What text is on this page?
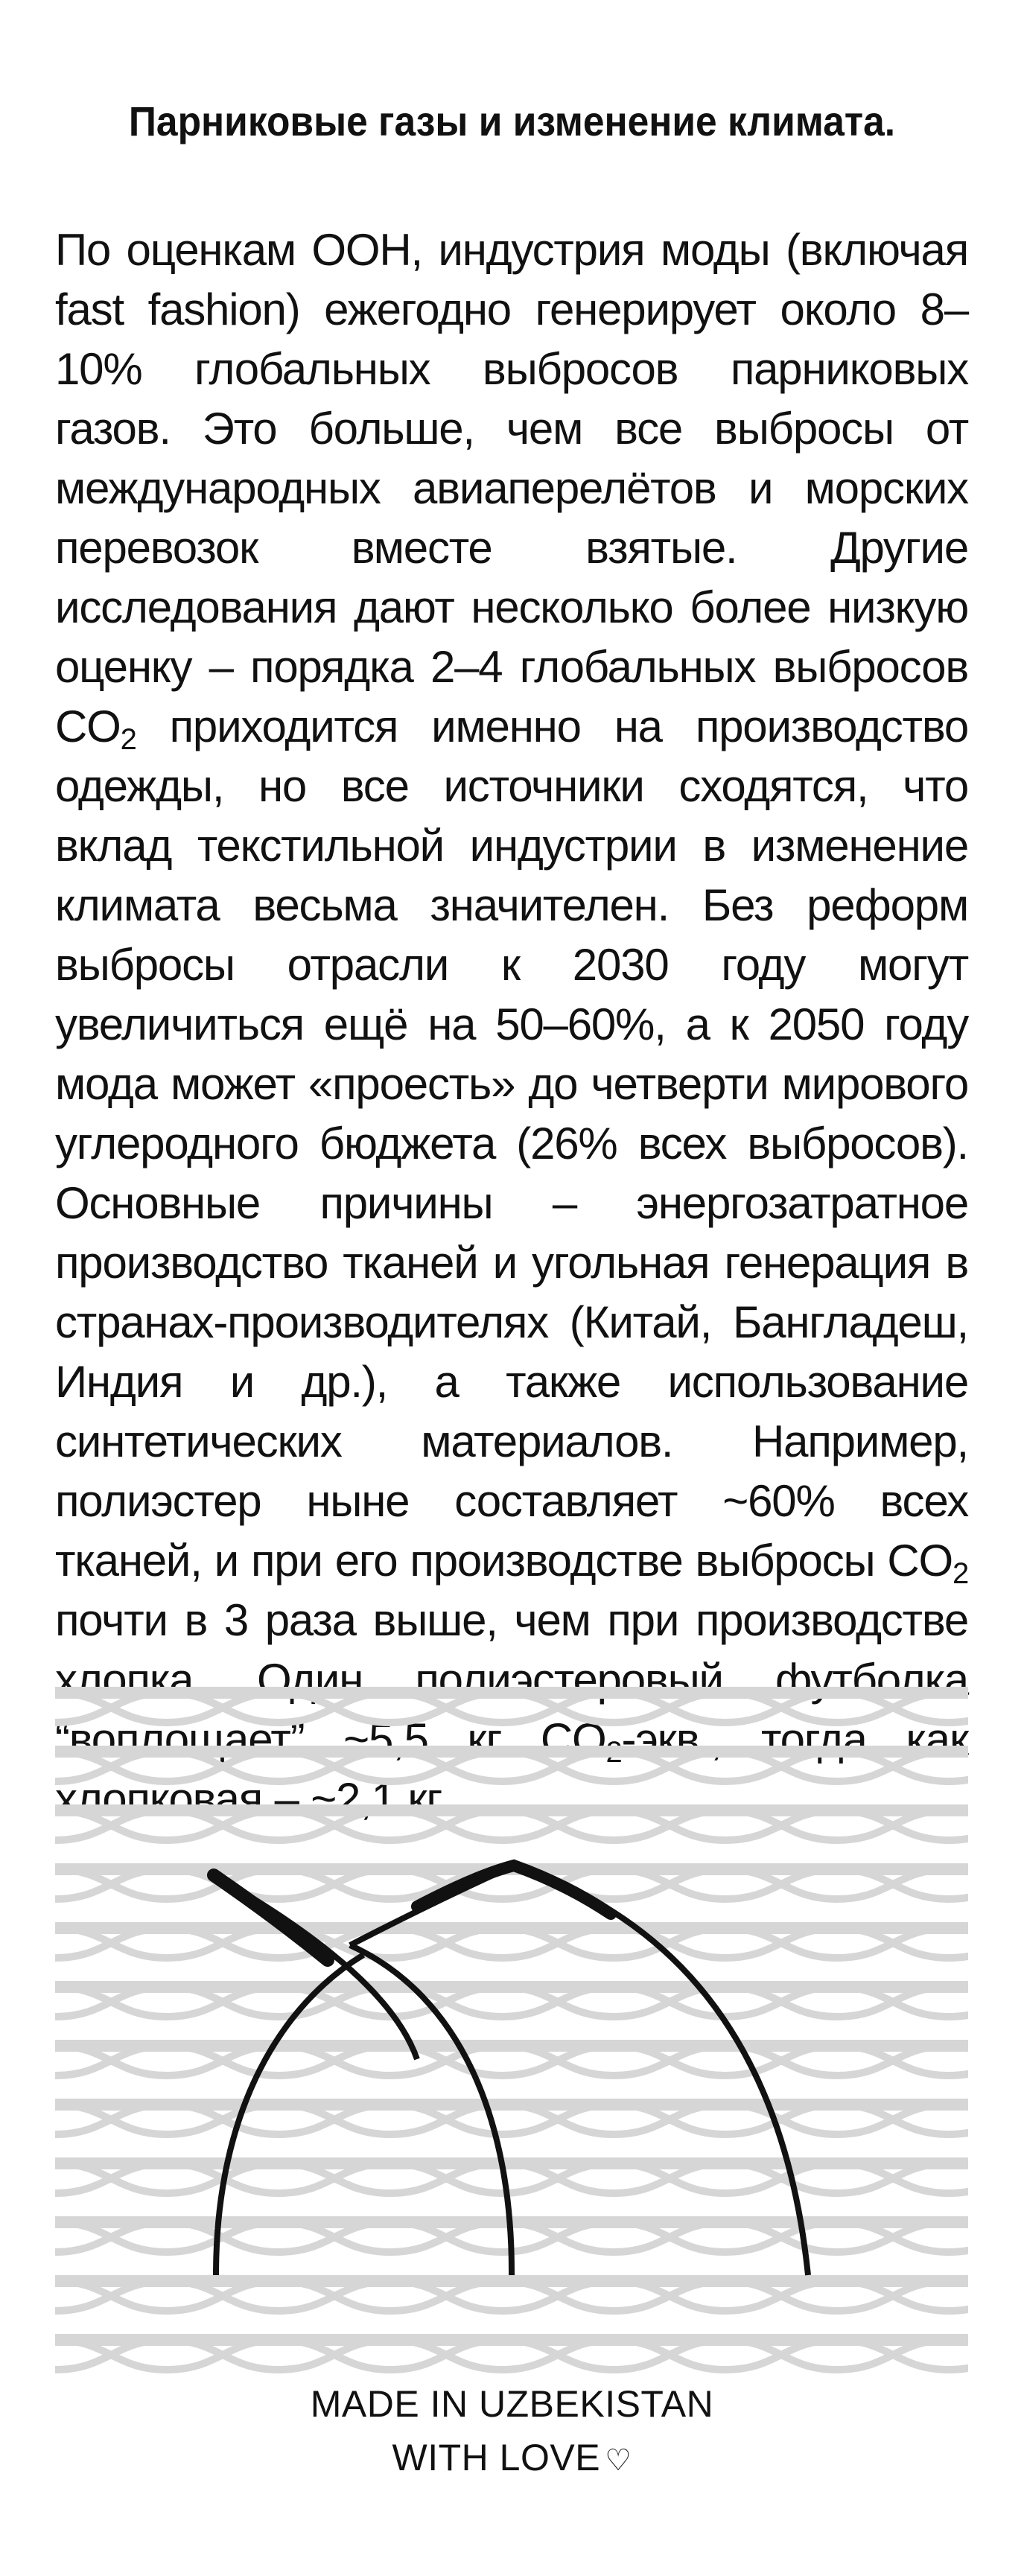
Парниковые газы и изменение климата.
По оценкам ООН, индустрия моды (включая fast fashion) ежегодно генерирует около 8–10% глобальных выбросов парниковых газов. Это больше, чем все выбросы от международных авиаперелётов и морских перевозок вместе взятые. Другие исследования дают несколько более низкую оценку – порядка 2–4 глобальных выбросов $CO_2$ приходится именно на производство одежды, но все источники сходятся, что вклад текстильной индустрии в изменение климата весьма значителен. Без реформ выбросы отрасли к 2030 году могут увеличиться ещё на 50–60%, а к 2050 году мода может «проесть» до четверти мирового углеродного бюджета (26% всех выбросов). Основные причины – энергозатратное производство тканей и угольная генерация в странах-производителях (Китай, Бангладеш, Индия и др.), а также использование синтетических материалов. Например, полиэстер ныне составляет ~60% всех тканей, и при его производстве выбросы $CO_2$ почти в 3 раза выше, чем при производстве хлопка. Один полиэстеровый футболка “воплощает” ~5,5 кг $CO_2$-экв., тогда как хлопковая – ~2,1 кг.
MADE IN UZBEKISTAN
WITH LOVE ♡
